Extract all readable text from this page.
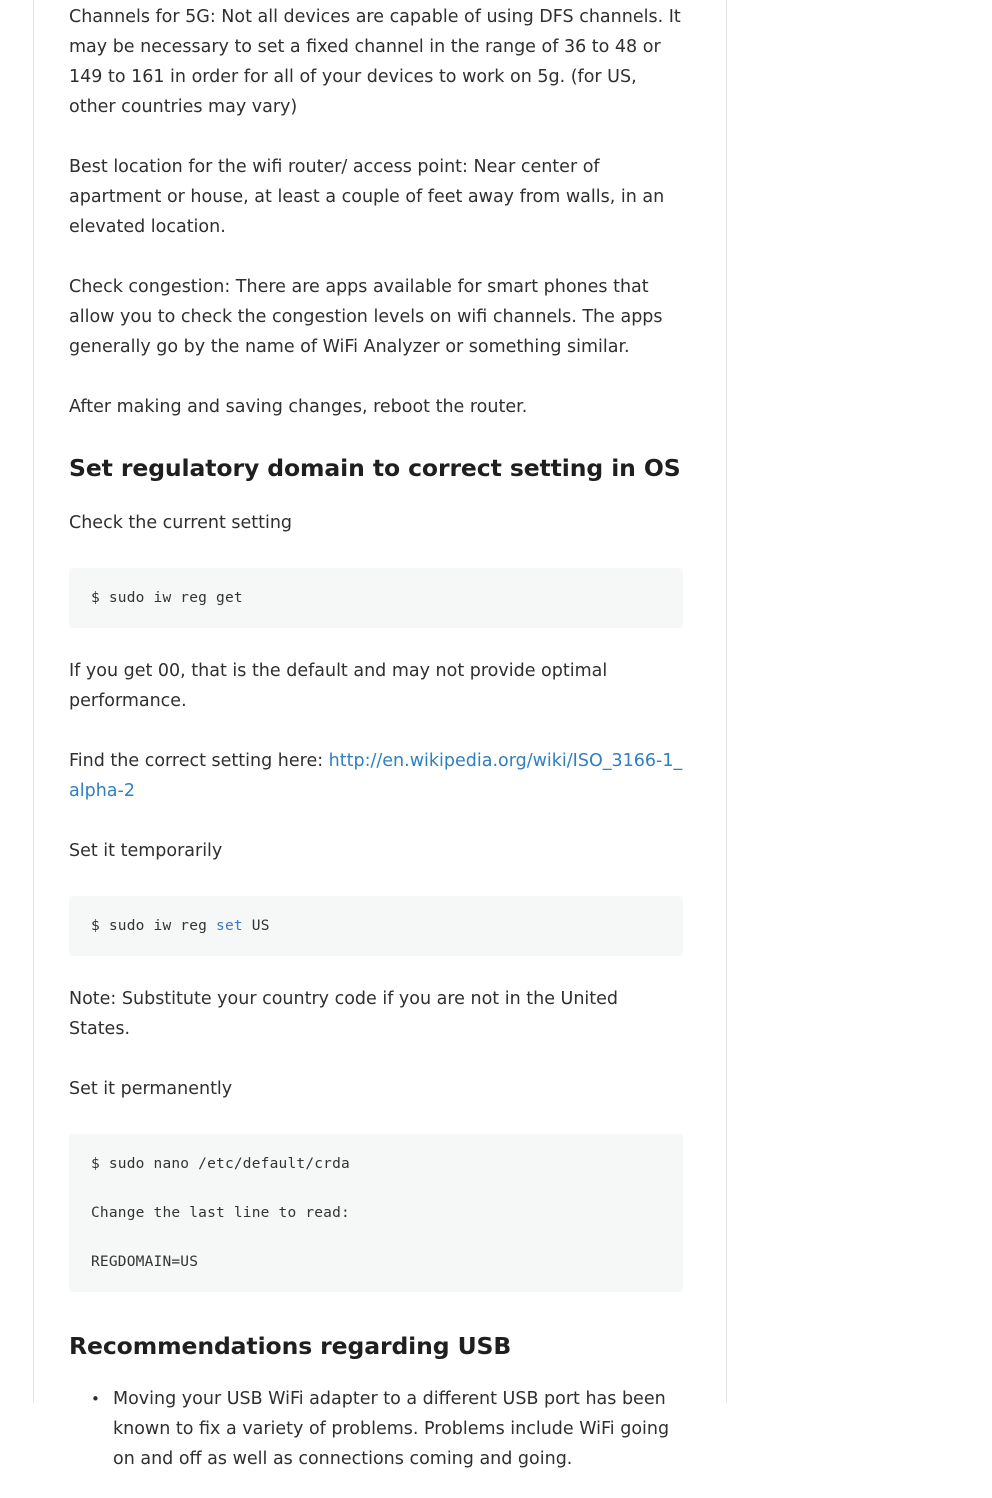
Channels for 5G: Not all devices are capable of using DFS channels. It may be necessary to set a fixed channel in the range of 36 to 48 or 149 to 161 in order for all of your devices to work on 5g. (for US, other countries may vary)

Best location for the wifi router/ access point: Near center of apartment or house, at least a couple of feet away from walls, in an elevated location.

Check congestion: There are apps available for smart phones that allow you to check the congestion levels on wifi channels. The apps generally go by the name of WiFi Analyzer or something similar.

After making and saving changes, reboot the router.

Set regulatory domain to correct setting in OS

Check the current setting

$ sudo iw reg get

If you get 00, that is the default and may not provide optimal performance.

Find the correct setting here: http://en.wikipedia.org/wiki/ISO_3166-1_alpha-2

Set it temporarily

$ sudo iw reg set US

Note: Substitute your country code if you are not in the United States.

Set it permanently

$ sudo nano /etc/default/crda
Change the last line to read:
REGDOMAIN=US
Recommendations regarding USB
• Moving your USB WiFi adapter to a different USB port has been known to fix a variety of problems. Problems include WiFi going on and off as well as connections coming and going.
